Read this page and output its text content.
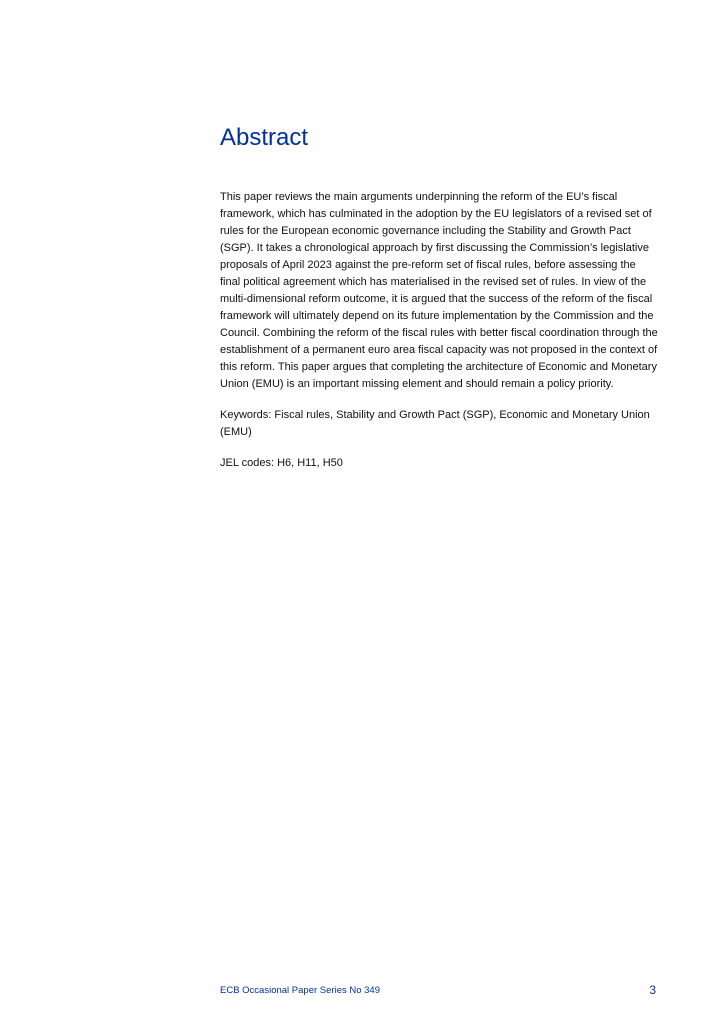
Abstract

This paper reviews the main arguments underpinning the reform of the EU’s fiscal framework, which has culminated in the adoption by the EU legislators of a revised set of rules for the European economic governance including the Stability and Growth Pact (SGP). It takes a chronological approach by first discussing the Commission’s legislative proposals of April 2023 against the pre-reform set of fiscal rules, before assessing the final political agreement which has materialised in the revised set of rules. In view of the multi-dimensional reform outcome, it is argued that the success of the reform of the fiscal framework will ultimately depend on its future implementation by the Commission and the Council. Combining the reform of the fiscal rules with better fiscal coordination through the establishment of a permanent euro area fiscal capacity was not proposed in the context of this reform. This paper argues that completing the architecture of Economic and Monetary Union (EMU) is an important missing element and should remain a policy priority.

Keywords: Fiscal rules, Stability and Growth Pact (SGP), Economic and Monetary Union (EMU)

JEL codes: H6, H11, H50

ECB Occasional Paper Series No 349	3
